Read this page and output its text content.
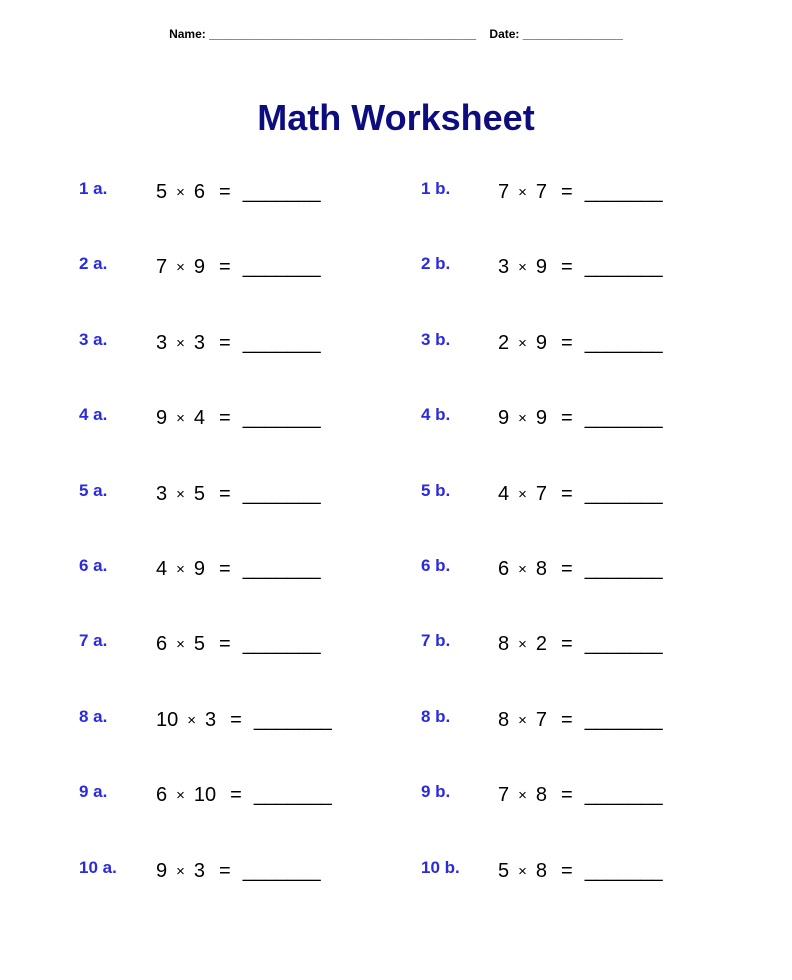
Name: ________________________________________ Date: _______________
Math Worksheet
1 a. 5 × 6 = _______	1 b. 7 × 7 = _______
2 a. 7 × 9 = _______	2 b. 3 × 9 = _______
3 a. 3 × 3 = _______	3 b. 2 × 9 = _______
4 a. 9 × 4 = _______	4 b. 9 × 9 = _______
5 a. 3 × 5 = _______	5 b. 4 × 7 = _______
6 a. 4 × 9 = _______	6 b. 6 × 8 = _______
7 a. 6 × 5 = _______	7 b. 8 × 2 = _______
8 a. 10 × 3 = _______	8 b. 8 × 7 = _______
9 a. 6 × 10 = _______	9 b. 7 × 8 = _______
10 a. 9 × 3 = _______	10 b. 5 × 8 = _______
